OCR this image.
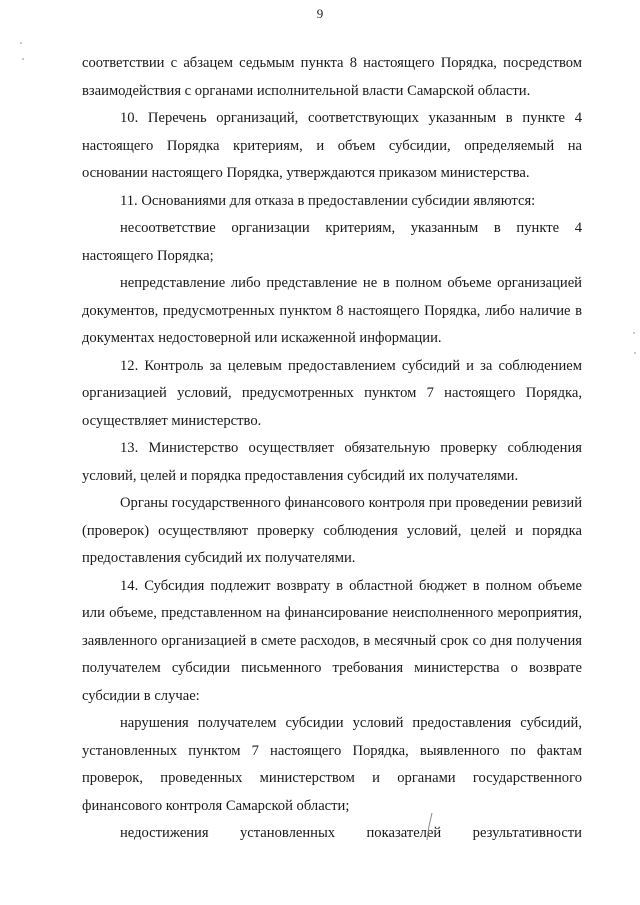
9

соответствии с абзацем седьмым пункта 8 настоящего Порядка, посредством взаимодействия с органами исполнительной власти Самарской области.

10. Перечень организаций, соответствующих указанным в пункте 4 настоящего Порядка критериям, и объем субсидии, определяемый на основании настоящего Порядка, утверждаются приказом министерства.

11. Основаниями для отказа в предоставлении субсидии являются:

несоответствие организации критериям, указанным в пункте 4 настоящего Порядка;

непредставление либо представление не в полном объеме организацией документов, предусмотренных пунктом 8 настоящего Порядка, либо наличие в документах недостоверной или искаженной информации.

12. Контроль за целевым предоставлением субсидий и за соблюдением организацией условий, предусмотренных пунктом 7 настоящего Порядка, осуществляет министерство.

13. Министерство осуществляет обязательную проверку соблюдения условий, целей и порядка предоставления субсидий их получателями.

Органы государственного финансового контроля при проведении ревизий (проверок) осуществляют проверку соблюдения условий, целей и порядка предоставления субсидий их получателями.

14. Субсидия подлежит возврату в областной бюджет в полном объеме или объеме, представленном на финансирование неисполненного мероприятия, заявленного организацией в смете расходов, в месячный срок со дня получения получателем субсидии письменного требования министерства о возврате субсидии в случае:

нарушения получателем субсидии условий предоставления субсидий, установленных пунктом 7 настоящего Порядка, выявленного по фактам проверок, проведенных министерством и органами государственного финансового контроля Самарской области;

недостижения установленных показателей результативности
